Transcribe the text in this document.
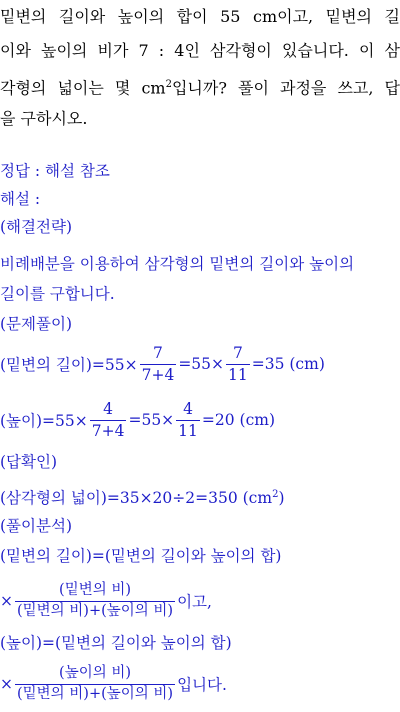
밑변의 길이와 높이의 합이 55 cm이고, 밑변의 길
이와 높이의 비가 7 : 4인 삼각형이 있습니다. 이 삼
각형의 넓이는 몇 $cm^2$입니까? 풀이 과정을 쓰고, 답
을 구하시오.
정답 : 해설 참조
해설 :
(해결전략)
비례배분을 이용하여 삼각형의 밑변의 길이와 높이의
길이를 구합니다.
(문제풀이)
(밑변의 길이)$=55\times \frac{7}{7+4} =55\times \frac{7}{11} =35$ (cm)
(높이)$=55\times \frac{4}{7+4} =55\times \frac{4}{11} =20$ (cm)
(답확인)
(삼각형의 넓이)=35×20÷2=350 $(cm^2)$
(풀이분석)
(밑변의 길이)=(밑변의 길이와 높이의 합)
× $\frac{\text{(밑변의 비)}}{\text{(밑변의 비)+(높이의 비)}}$ 이고,
(높이)=(밑변의 길이와 높이의 합)
× $\frac{\text{(높이의 비)}}{\text{(밑변의 비)+(높이의 비)}}$ 입니다.
